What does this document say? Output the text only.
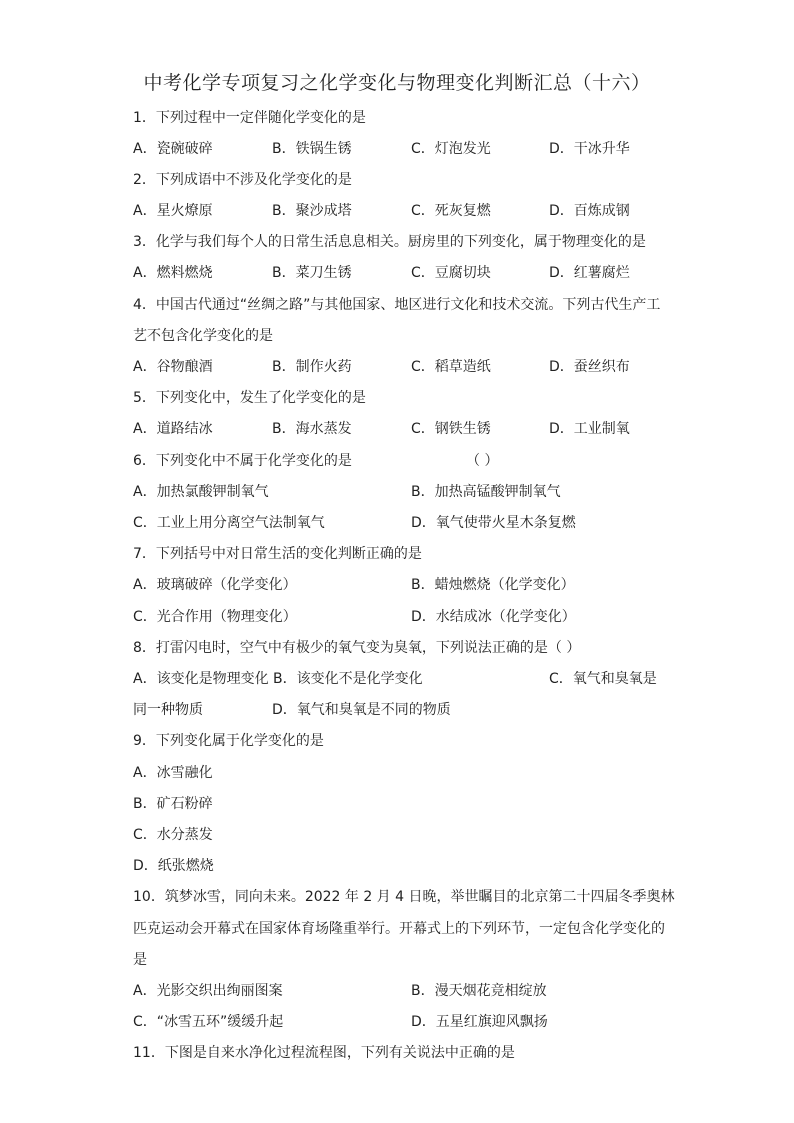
中考化学专项复习之化学变化与物理变化判断汇总（十六）
1．下列过程中一定伴随化学变化的是
A．瓷碗破碎	B．铁锅生锈	C．灯泡发光	D．干冰升华
2．下列成语中不涉及化学变化的是
A．星火燎原	B．聚沙成塔	C．死灰复燃	D．百炼成钢
3．化学与我们每个人的日常生活息息相关。厨房里的下列变化，属于物理变化的是
A．燃料燃烧	B．菜刀生锈	C．豆腐切块	D．红薯腐烂
4．中国古代通过“丝绸之路”与其他国家、地区进行文化和技术交流。下列古代生产工
艺不包含化学变化的是
A．谷物酿酒	B．制作火药	C．稻草造纸	D．蚕丝织布
5．下列变化中，发生了化学变化的是
A．道路结冰	B．海水蒸发	C．钢铁生锈	D．工业制氧
6．下列变化中不属于化学变化的是	（ ）
A．加热氯酸钾制氧气	B．加热高锰酸钾制氧气
C．工业上用分离空气法制氧气	D．氧气使带火星木条复燃
7．下列括号中对日常生活的变化判断正确的是
A．玻璃破碎（化学变化）	B．蜡烛燃烧（化学变化）
C．光合作用（物理变化）	D．水结成冰（化学变化）
8．打雷闪电时，空气中有极少的氧气变为臭氧，下列说法正确的是（ ）
A．该变化是物理变化 B．该变化不是化学变化	C．氧气和臭氧是
同一种物质	D．氧气和臭氧是不同的物质
9．下列变化属于化学变化的是
A．冰雪融化
B．矿石粉碎
C．水分蒸发
D．纸张燃烧
10．筑梦冰雪，同向未来。2022 年 2 月 4 日晚，举世瞩目的北京第二十四届冬季奥林
匹克运动会开幕式在国家体育场隆重举行。开幕式上的下列环节，一定包含化学变化的
是
A．光影交织出绚丽图案	B．漫天烟花竞相绽放
C．“冰雪五环”缓缓升起	D．五星红旗迎风飘扬
11．下图是自来水净化过程流程图，下列有关说法中正确的是
